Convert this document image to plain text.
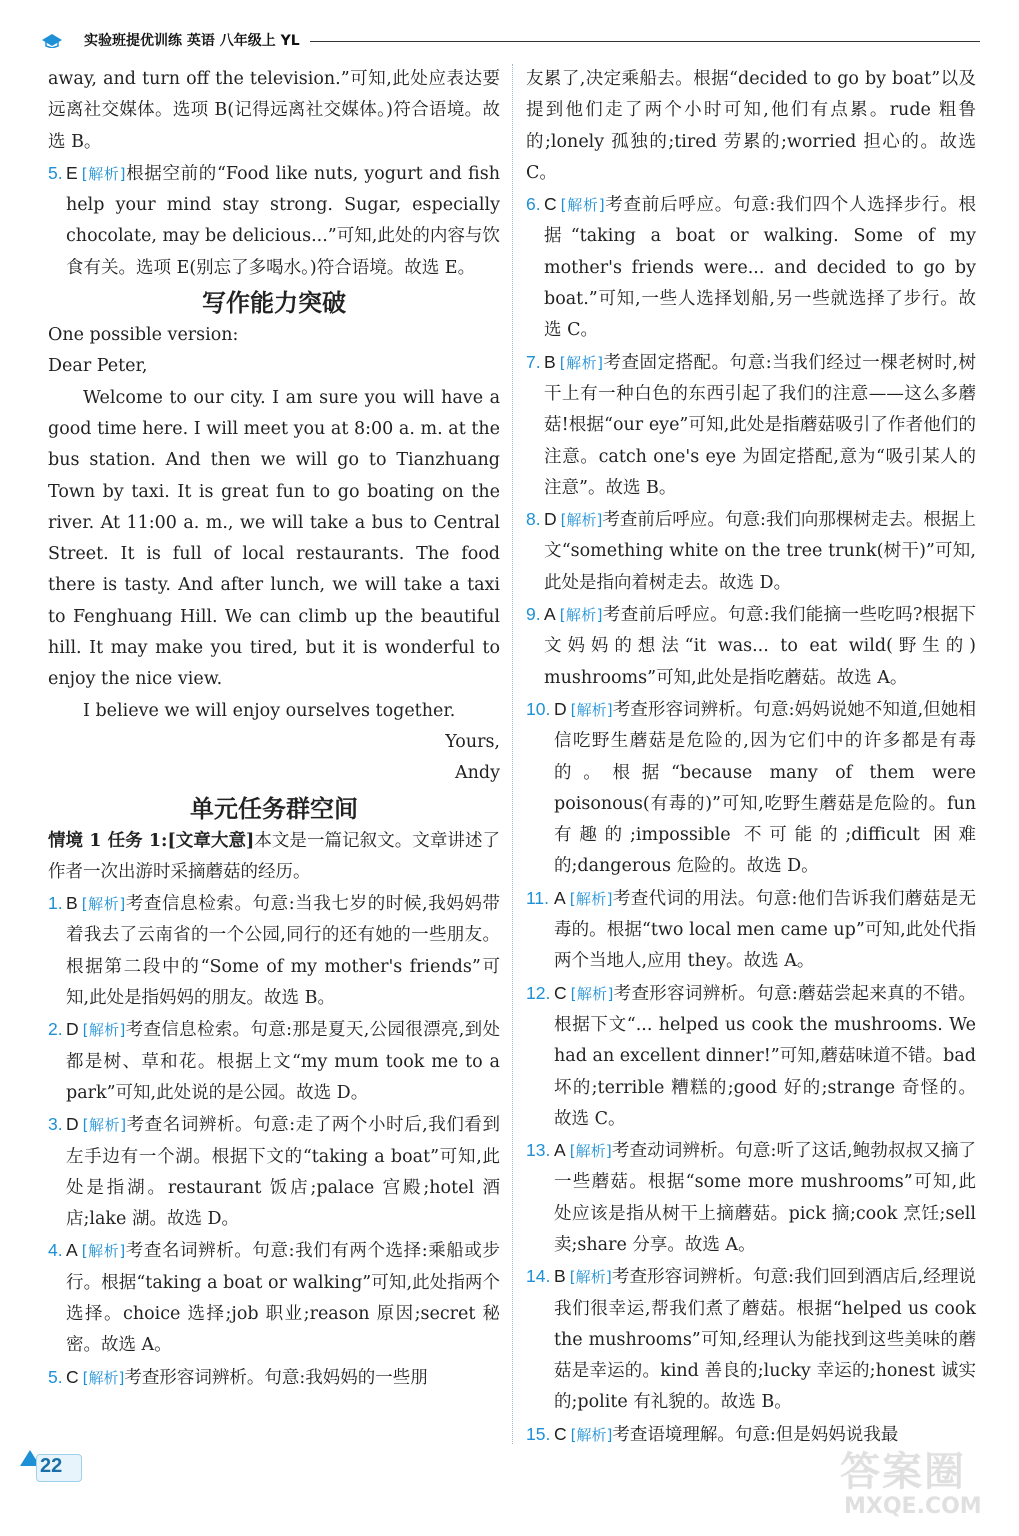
实验班提优训练 英语 八年级上 YL

away, and turn off the television.”可知,此处应表达要远离社交媒体。选项 B(记得远离社交媒体。)符合语境。故选 B。

5. E [解析]根据空前的“Food like nuts, yogurt and fish help your mind stay strong. Sugar, especially chocolate, may be delicious...”可知,此处的内容与饮食有关。选项 E(别忘了多喝水。)符合语境。故选 E。
写作能力突破

One possible version:

Dear Peter,

Welcome to our city. I am sure you will have a good time here. I will meet you at 8:00 a. m. at the bus station. And then we will go to Tianzhuang Town by taxi. It is great fun to go boating on the river. At 11:00 a. m., we will take a bus to Central Street. It is full of local restaurants. The food there is tasty. And after lunch, we will take a taxi to Fenghuang Hill. We can climb up the beautiful hill. It may make you tired, but it is wonderful to enjoy the nice view.

I believe we will enjoy ourselves together.

Yours,

Andy

单元任务群空间

情境 1 任务 1:[文章大意]本文是一篇记叙文。文章讲述了作者一次出游时采摘蘑菇的经历。

1. B [解析]考查信息检索。句意:当我七岁的时候,我妈妈带着我去了云南省的一个公园,同行的还有她的一些朋友。根据第二段中的“Some of my mother's friends”可知,此处是指妈妈的朋友。故选 B。
2. D [解析]考查信息检索。句意:那是夏天,公园很漂亮,到处都是树、草和花。根据上文“my mum took me to a park”可知,此处说的是公园。故选 D。
3. D [解析]考查名词辨析。句意:走了两个小时后,我们看到左手边有一个湖。根据下文的“taking a boat”可知,此处是指湖。restaurant 饭店;palace 宫殿;hotel 酒店;lake 湖。故选 D。
4. A [解析]考查名词辨析。句意:我们有两个选择:乘船或步行。根据“taking a boat or walking”可知,此处指两个选择。choice 选择;job 职业;reason 原因;secret 秘密。故选 A。
5. C [解析]考查形容词辨析。句意:我妈妈的一些朋

友累了,决定乘船去。根据“decided to go by boat”以及提到他们走了两个小时可知,他们有点累。rude 粗鲁的;lonely 孤独的;tired 劳累的;worried 担心的。故选 C。

6. C [解析]考查前后呼应。句意:我们四个人选择步行。根据“taking a boat or walking. Some of my mother's friends were... and decided to go by boat.”可知,一些人选择划船,另一些就选择了步行。故选 C。
7. B [解析]考查固定搭配。句意:当我们经过一棵老树时,树干上有一种白色的东西引起了我们的注意——这么多蘑菇!根据“our eye”可知,此处是指蘑菇吸引了作者他们的注意。catch one's eye 为固定搭配,意为“吸引某人的注意”。故选 B。
8. D [解析]考查前后呼应。句意:我们向那棵树走去。根据上文“something white on the tree trunk(树干)”可知,此处是指向着树走去。故选 D。
9. A [解析]考查前后呼应。句意:我们能摘一些吃吗?根据下文妈妈的想法“it was... to eat wild(野生的) mushrooms”可知,此处是指吃蘑菇。故选 A。
10. D [解析]考查形容词辨析。句意:妈妈说她不知道,但她相信吃野生蘑菇是危险的,因为它们中的许多都是有毒的。根据“because many of them were poisonous(有毒的)”可知,吃野生蘑菇是危险的。fun 有趣的;impossible 不可能的;difficult 困难的;dangerous 危险的。故选 D。
11. A [解析]考查代词的用法。句意:他们告诉我们蘑菇是无毒的。根据“two local men came up”可知,此处代指两个当地人,应用 they。故选 A。
12. C [解析]考查形容词辨析。句意:蘑菇尝起来真的不错。根据下文“... helped us cook the mushrooms. We had an excellent dinner!”可知,蘑菇味道不错。bad 坏的;terrible 糟糕的;good 好的;strange 奇怪的。故选 C。
13. A [解析]考查动词辨析。句意:听了这话,鲍勃叔叔又摘了一些蘑菇。根据“some more mushrooms”可知,此处应该是指从树干上摘蘑菇。pick 摘;cook 烹饪;sell 卖;share 分享。故选 A。
14. B [解析]考查形容词辨析。句意:我们回到酒店后,经理说我们很幸运,帮我们煮了蘑菇。根据“helped us cook the mushrooms”可知,经理认为能找到这些美味的蘑菇是幸运的。kind 善良的;lucky 幸运的;honest 诚实的;polite 有礼貌的。故选 B。
15. C [解析]考查语境理解。句意:但是妈妈说我最
22	答案圈
MXQE.COM
